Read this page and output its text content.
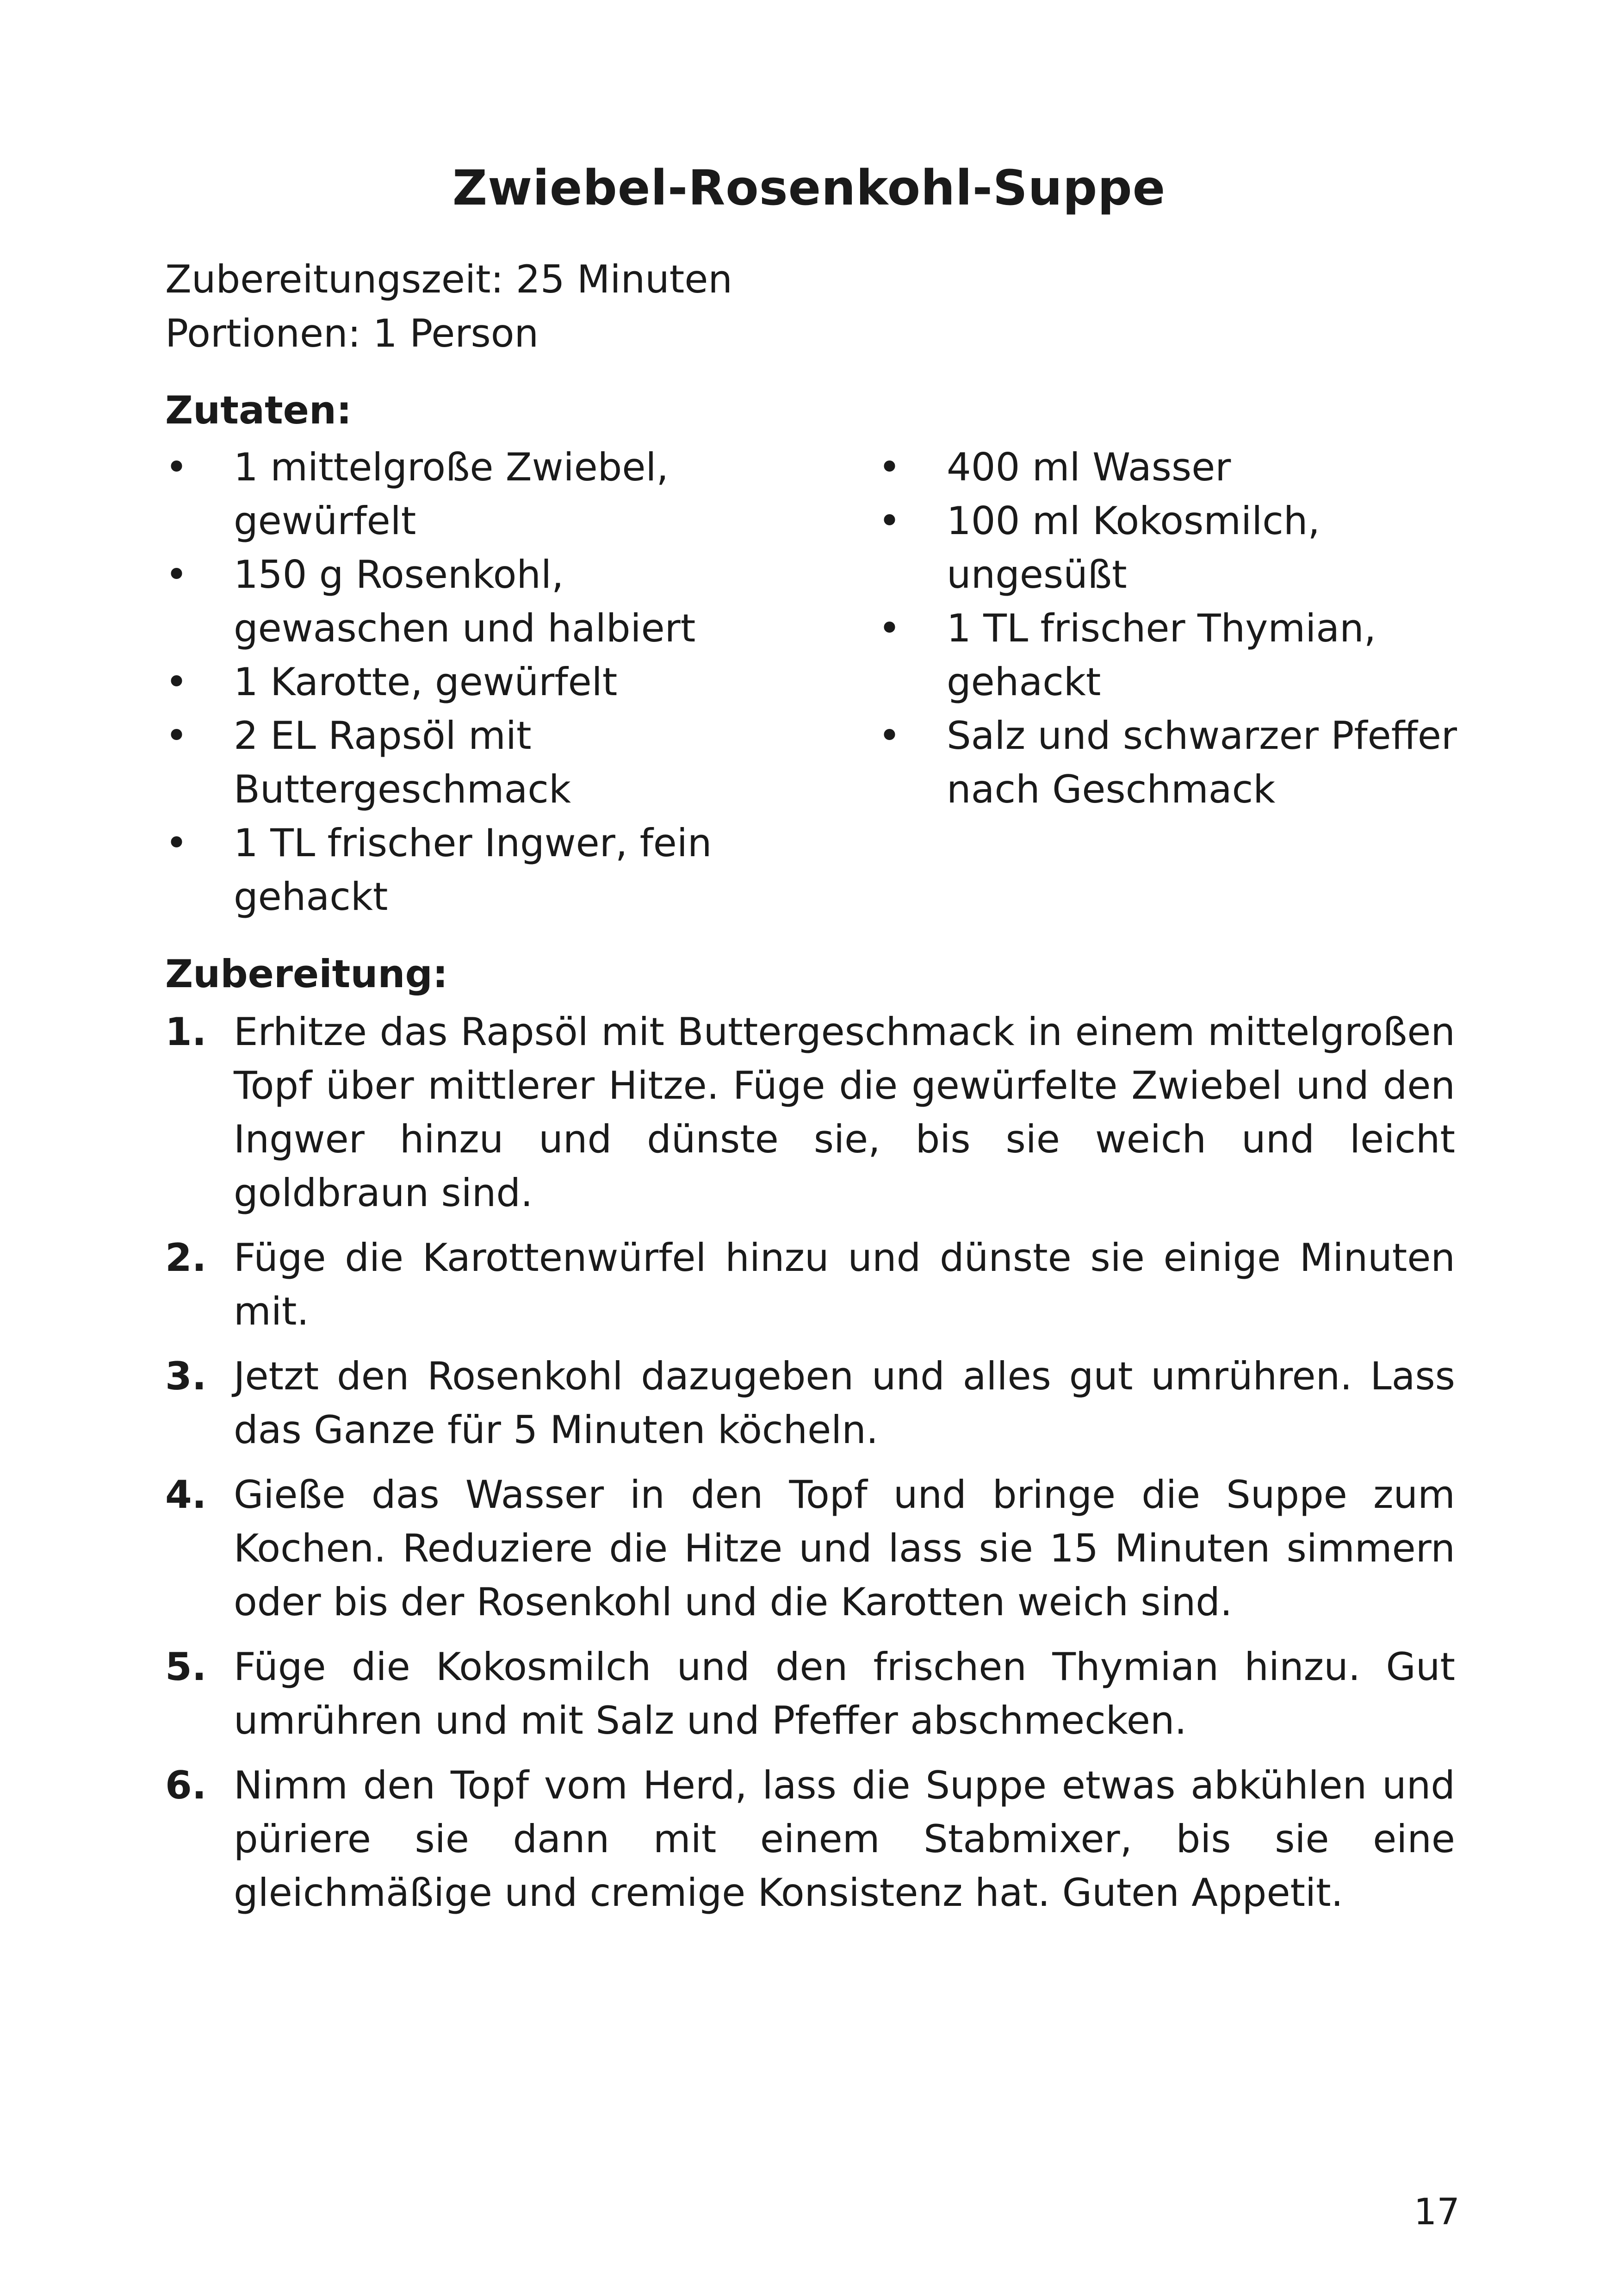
Zwiebel-Rosenkohl-Suppe
Zubereitungszeit: 25 Minuten
Portionen: 1 Person
Zutaten:
• 1 mittelgroße Zwiebel, gewürfelt
• 150 g Rosenkohl, gewaschen und halbiert
• 1 Karotte, gewürfelt
• 2 EL Rapsöl mit Buttergeschmack
• 1 TL frischer Ingwer, fein gehackt
• 400 ml Wasser
• 100 ml Kokosmilch, ungesüßt
• 1 TL frischer Thymian, gehackt
• Salz und schwarzer Pfeffer nach Geschmack
Zubereitung:
1. Erhitze das Rapsöl mit Buttergeschmack in einem mittelgroßen Topf über mittlerer Hitze. Füge die gewürfelte Zwiebel und den Ingwer hinzu und dünste sie, bis sie weich und leicht goldbraun sind.
2. Füge die Karottenwürfel hinzu und dünste sie einige Minuten mit.
3. Jetzt den Rosenkohl dazugeben und alles gut umrühren. Lass das Ganze für 5 Minuten köcheln.
4. Gieße das Wasser in den Topf und bringe die Suppe zum Kochen. Reduziere die Hitze und lass sie 15 Minuten simmern oder bis der Rosenkohl und die Karotten weich sind.
5. Füge die Kokosmilch und den frischen Thymian hinzu. Gut umrühren und mit Salz und Pfeffer abschmecken.
6. Nimm den Topf vom Herd, lass die Suppe etwas abkühlen und püriere sie dann mit einem Stabmixer, bis sie eine gleichmäßige und cremige Konsistenz hat. Guten Appetit.
17
